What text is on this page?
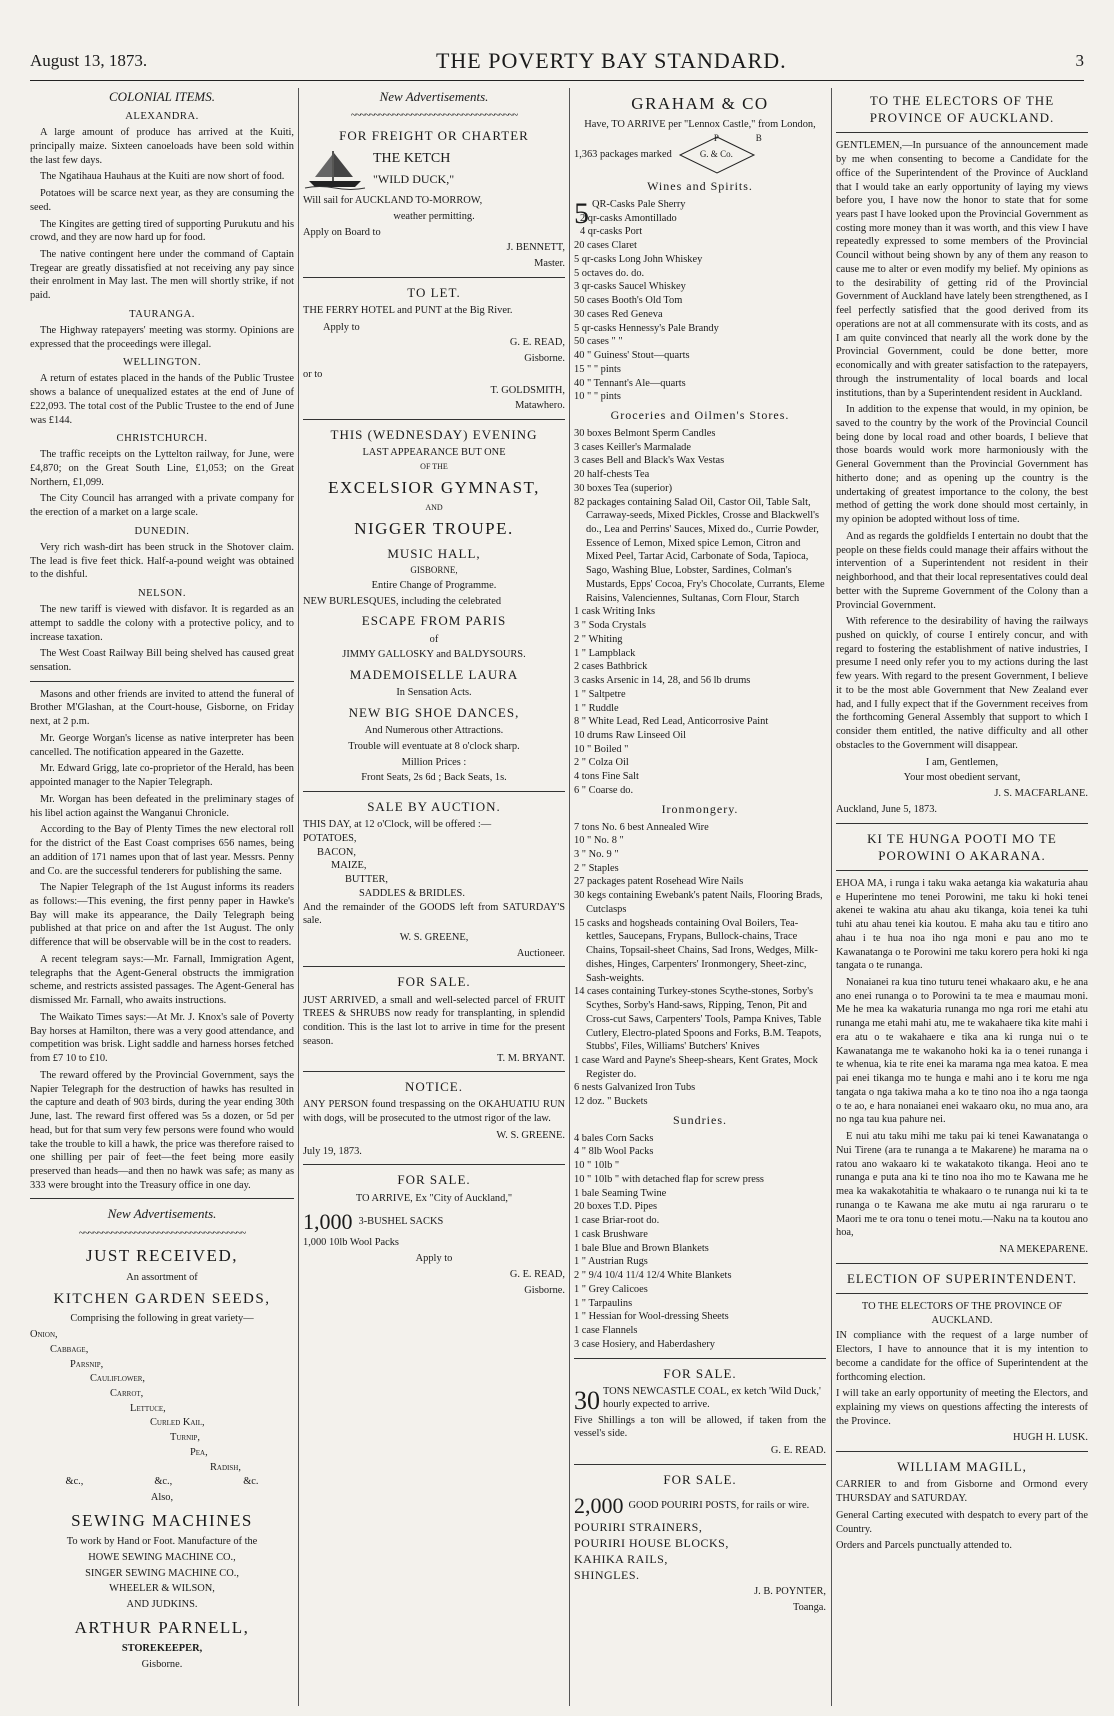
August 13, 1873.	THE POVERTY BAY STANDARD.	3
COLONIAL ITEMS.
ALEXANDRA.

A large amount of produce has arrived at the Kuiti, principally maize. Sixteen canoeloads have been sold within the last few days.

The Ngatihaua Hauhaus at the Kuiti are now short of food.

Potatoes will be scarce next year, as they are consuming the seed.

The Kingites are getting tired of supporting Purukutu and his crowd, and they are now hard up for food.

The native contingent here under the command of Captain Tregear are greatly dissatisfied at not receiving any pay since their enrolment in May last. The men will shortly strike, if not paid.

TAURANGA.

The Highway ratepayers' meeting was stormy. Opinions are expressed that the proceedings were illegal.

WELLINGTON.

A return of estates placed in the hands of the Public Trustee shows a balance of unequalized estates at the end of June of £22,093. The total cost of the Public Trustee to the end of June was £144.

CHRISTCHURCH.

The traffic receipts on the Lyttelton railway, for June, were £4,870; on the Great South Line, £1,053; on the Great Northern, £1,099.

The City Council has arranged with a private company for the erection of a market on a large scale.

DUNEDIN.

Very rich wash-dirt has been struck in the Shotover claim. The lead is five feet thick. Half-a-pound weight was obtained to the dishful.

NELSON.

The new tariff is viewed with disfavor. It is regarded as an attempt to saddle the colony with a protective policy, and to increase taxation.

The West Coast Railway Bill being shelved has caused great sensation.

Masons and other friends are invited to attend the funeral of Brother M'Glashan, at the Court-house, Gisborne, on Friday next, at 2 p.m.

Mr. George Worgan's license as native interpreter has been cancelled. The notification appeared in the Gazette.

Mr. Edward Grigg, late co-proprietor of the Herald, has been appointed manager to the Napier Telegraph.

Mr. Worgan has been defeated in the preliminary stages of his libel action against the Wanganui Chronicle.

According to the Bay of Plenty Times the new electoral roll for the district of the East Coast comprises 656 names, being an addition of 171 names upon that of last year. Messrs. Penny and Co. are the successful tenderers for publishing the same.

The Napier Telegraph of the 1st August informs its readers as follows:—This evening, the first penny paper in Hawke's Bay will make its appearance, the Daily Telegraph being published at that price on and after the 1st August. The only difference that will be observable will be in the cost to readers.

A recent telegram says:—Mr. Farnall, Immigration Agent, telegraphs that the Agent-General obstructs the immigration scheme, and restricts assisted passages. The Agent-General has dismissed Mr. Farnall, who awaits instructions.

The Waikato Times says:—At Mr. J. Knox's sale of Poverty Bay horses at Hamilton, there was a very good attendance, and competition was brisk. Light saddle and harness horses fetched from £7 10 to £10.

The reward offered by the Provincial Government, says the Napier Telegraph for the destruction of hawks has resulted in the capture and death of 903 birds, during the year ending 30th June, last. The reward first offered was 5s a dozen, or 5d per head, but for that sum very few persons were found who would take the trouble to kill a hawk, the price was therefore raised to one shilling per pair of feet—the feet being more easily preserved than heads—and then no hawk was safe; as many as 333 were brought into the Treasury office in one day.

New Advertisements.
~~~~~~~~~~~~~~~~~~~~~~~~~~~~~~~~~~~~
JUST RECEIVED,
An assortment of
KITCHEN GARDEN SEEDS,
Comprising the following in great variety—
Onion,
Cabbage,
Parsnip,
Cauliflower,
Carrot,
Lettuce,
Curled Kail,
Turnip,
Pea,
Radish,
&c.,	&c.,	&c.
Also,
SEWING MACHINES
To work by Hand or Foot. Manufacture of the
HOWE SEWING MACHINE CO.,
SINGER SEWING MACHINE CO.,
WHEELER & WILSON,
AND JUDKINS.
ARTHUR PARNELL,
STOREKEEPER,
Gisborne.
New Advertisements.
~~~~~~~~~~~~~~~~~~~~~~~~~~~~~~~~~~~~
FOR FREIGHT OR CHARTER
THE KETCH
"WILD DUCK,"
Will sail for AUCKLAND TO-MORROW,
weather permitting.
Apply on Board to
J. BENNETT,
Master.
TO LET.

THE FERRY HOTEL and PUNT at the Big River.

Apply to
G. E. READ,
Gisborne.
or to
T. GOLDSMITH,
Matawhero.
THIS (WEDNESDAY) EVENING
LAST APPEARANCE BUT ONE
OF THE
EXCELSIOR GYMNAST,
AND
NIGGER TROUPE.
MUSIC HALL,
GISBORNE,
Entire Change of Programme.

NEW BURLESQUES, including the celebrated

ESCAPE FROM PARIS
of
JIMMY GALLOSKY and BALDYSOURS.
MADEMOISELLE LAURA
In Sensation Acts.
NEW BIG SHOE DANCES,
And Numerous other Attractions.
Trouble will eventuate at 8 o'clock sharp.
Million Prices :
Front Seats, 2s 6d ; Back Seats, 1s.
SALE BY AUCTION.
THIS DAY, at 12 o'Clock, will be offered :—
POTATOES,
BACON,
MAIZE,
BUTTER,
SADDLES & BRIDLES.

And the remainder of the GOODS left from SATURDAY'S sale.

W. S. GREENE,
Auctioneer.
FOR SALE.

JUST ARRIVED, a small and well-selected parcel of FRUIT TREES & SHRUBS now ready for transplanting, in splendid condition. This is the last lot to arrive in time for the present season.

T. M. BRYANT.
NOTICE.

ANY PERSON found trespassing on the OKAHUATIU RUN with dogs, will be prosecuted to the utmost rigor of the law.

W. S. GREENE.
July 19, 1873.
FOR SALE.
TO ARRIVE, Ex "City of Auckland,"
1,000 3-BUSHEL SACKS
1,000 10lb Wool Packs
Apply to
G. E. READ,
Gisborne.
GRAHAM & CO
Have, TO ARRIVE per "Lennox Castle," from London,
1,363 packages marked
P	B
G. & Co.
Wines and Spirits.
5 QR-Casks Pale Sherry
2 qr-casks Amontillado
4 qr-casks Port
20 cases Claret
5 qr-casks Long John Whiskey
5 octaves do. do.
3 qr-casks Saucel Whiskey
50 cases Booth's Old Tom
30 cases Red Geneva
5 qr-casks Hennessy's Pale Brandy
50 cases " "
40 " Guiness' Stout—quarts
15 " " pints
40 " Tennant's Ale—quarts
10 " " pints
Groceries and Oilmen's Stores.
30 boxes Belmont Sperm Candles
3 cases Keiller's Marmalade
3 cases Bell and Black's Wax Vestas
20 half-chests Tea
30 boxes Tea (superior)
82 packages containing Salad Oil, Castor Oil, Table Salt, Carraway-seeds, Mixed Pickles, Crosse and Blackwell's do., Lea and Perrins' Sauces, Mixed do., Currie Powder, Essence of Lemon, Mixed spice Lemon, Citron and Mixed Peel, Tartar Acid, Carbonate of Soda, Tapioca, Sago, Washing Blue, Lobster, Sardines, Colman's Mustards, Epps' Cocoa, Fry's Chocolate, Currants, Eleme Raisins, Valenciennes, Sultanas, Corn Flour, Starch
1 cask Writing Inks
3 " Soda Crystals
2 " Whiting
1 " Lampblack
2 cases Bathbrick
3 casks Arsenic in 14, 28, and 56 lb drums
1 " Saltpetre
1 " Ruddle
8 " White Lead, Red Lead, Anticorrosive Paint
10 drums Raw Linseed Oil
10 " Boiled "
2 " Colza Oil
4 tons Fine Salt
6 " Coarse do.
Ironmongery.
7 tons No. 6 best Annealed Wire
10 " No. 8 "
3 " No. 9 "
2 " Staples
27 packages patent Rosehead Wire Nails
30 kegs containing Ewebank's patent Nails, Flooring Brads, Cutclasps
15 casks and hogsheads containing Oval Boilers, Tea-kettles, Saucepans, Frypans, Bullock-chains, Trace Chains, Topsail-sheet Chains, Sad Irons, Wedges, Milk-dishes, Hinges, Carpenters' Ironmongery, Sheet-zinc, Sash-weights.
14 cases containing Turkey-stones Scythe-stones, Sorby's Scythes, Sorby's Hand-saws, Ripping, Tenon, Pit and Cross-cut Saws, Carpenters' Tools, Pampa Knives, Table Cutlery, Electro-plated Spoons and Forks, B.M. Teapots, Stubbs', Files, Williams' Butchers' Knives
1 case Ward and Payne's Sheep-shears, Kent Grates, Mock Register do.
6 nests Galvanized Iron Tubs
12 doz. " Buckets
Sundries.
4 bales Corn Sacks
4 " 8lb Wool Packs
10 " 10lb "
10 " 10lb " with detached flap for screw press
1 bale Seaming Twine
20 boxes T.D. Pipes
1 case Briar-root do.
1 cask Brushware
1 bale Blue and Brown Blankets
1 " Austrian Rugs
2 " 9/4 10/4 11/4 12/4 White Blankets
1 " Grey Calicoes
1 " Tarpaulins
1 " Hessian for Wool-dressing Sheets
1 case Flannels
3 case Hosiery, and Haberdashery
FOR SALE.
30 TONS NEWCASTLE COAL, ex ketch 'Wild Duck,' hourly expected to arrive.

Five Shillings a ton will be allowed, if taken from the vessel's side.

G. E. READ.
FOR SALE.
2,000 GOOD POURIRI POSTS, for rails or wire.
POURIRI STRAINERS,
POURIRI HOUSE BLOCKS,
KAHIKA RAILS,
SHINGLES.
J. B. POYNTER,
Toanga.
TO THE ELECTORS OF THE PROVINCE OF AUCKLAND.

GENTLEMEN,—In pursuance of the announcement made by me when consenting to become a Candidate for the office of the Superintendent of the Province of Auckland that I would take an early opportunity of laying my views before you, I have now the honor to state that for some years past I have looked upon the Provincial Government as costing more money than it was worth, and this view I have repeatedly expressed to some members of the Provincial Council without being shown by any of them any reason to cause me to alter or even modify my belief. My opinions as to the desirability of getting rid of the Provincial Government of Auckland have lately been strengthened, as I feel perfectly satisfied that the good derived from its operations are not at all commensurate with its costs, and as I am quite convinced that nearly all the work done by the Provincial Government, could be done better, more economically and with greater satisfaction to the ratepayers, through the instrumentality of local boards and local institutions, than by a Superintendent resident in Auckland.

In addition to the expense that would, in my opinion, be saved to the country by the work of the Provincial Council being done by local road and other boards, I believe that those boards would work more harmoniously with the General Government than the Provincial Government has hitherto done; and as opening up the country is the undertaking of greatest importance to the colony, the best method of getting the work done should most certainly, in my opinion be adopted without loss of time.

And as regards the goldfields I entertain no doubt that the people on these fields could manage their affairs without the intervention of a Superintendent not resident in their neighborhood, and that their local representatives could deal better with the Supreme Government of the Colony than a Provincial Government.

With reference to the desirability of having the railways pushed on quickly, of course I entirely concur, and with regard to fostering the establishment of native industries, I presume I need only refer you to my actions during the last few years. With regard to the present Government, I believe it to be the most able Government that New Zealand ever had, and I fully expect that if the Government receives from the forthcoming General Assembly that support to which I consider them entitled, the native difficulty and all other obstacles to the Government will disappear.

I am, Gentlemen,
Your most obedient servant,
J. S. MACFARLANE.
Auckland, June 5, 1873.
KI TE HUNGA POOTI MO TE POROWINI O AKARANA.

EHOA MA, i runga i taku waka aetanga kia wakaturia ahau e Huperintene mo tenei Porowini, me taku ki hoki tenei akenei te wakina atu ahau aku tikanga, koia tenei ka tuhi tuhi atu ahau tenei kia koutou. E maha aku tau e titiro ano ahau i te hua noa iho nga moni e pau ano mo te Kawanatanga o te Porowini me taku korero pera hoki ki nga tangata o te runanga.

Nonaianei ra kua tino tuturu tenei whakaaro aku, e he ana ano enei runanga o to Porowini ta te mea e maumau moni. Me he mea ka wakaturia runanga mo nga rori me etahi atu runanga me etahi mahi atu, me te wakahaere tika kite mahi i era atu o te wakahaere e tika ana ki runga nui o te Kawanatanga me te wakanoho hoki ka ia o tenei runanga i te whenua, kia te rite enei ka marama nga mea katoa. E mea pai enei tikanga mo te hunga e mahi ano i te koru me nga tangata o nga takiwa maha a ko te tino noa iho a nga taonga o te ao, e hara nonaianei enei wakaaro oku, no mua ano, ara no nga tau kua pahure nei.

E nui atu taku mihi me taku pai ki tenei Kawanatanga o Nui Tirene (ara te runanga a te Makarene) he marama na o ratou ano wakaaro ki te wakatakoto tikanga. Heoi ano te runanga e puta ana ki te tino noa iho mo te Kawana me he mea ka wakakotahitia te whakaaro o te runanga nui ki ta te runanga o te Kawana me ake mutu ai nga raruraru o te Maori me te ora tonu o tenei motu.—Naku na ta koutou ano hoa,

NA MEKEPARENE.
ELECTION OF SUPERINTENDENT.
TO THE ELECTORS OF THE PROVINCE OF AUCKLAND.

IN compliance with the request of a large number of Electors, I have to announce that it is my intention to become a candidate for the office of Superintendent at the forthcoming election.

I will take an early opportunity of meeting the Electors, and explaining my views on questions affecting the interests of the Province.

HUGH H. LUSK.
WILLIAM MAGILL,

CARRIER to and from Gisborne and Ormond every THURSDAY and SATURDAY.

General Carting executed with despatch to every part of the Country.

Orders and Parcels punctually attended to.
